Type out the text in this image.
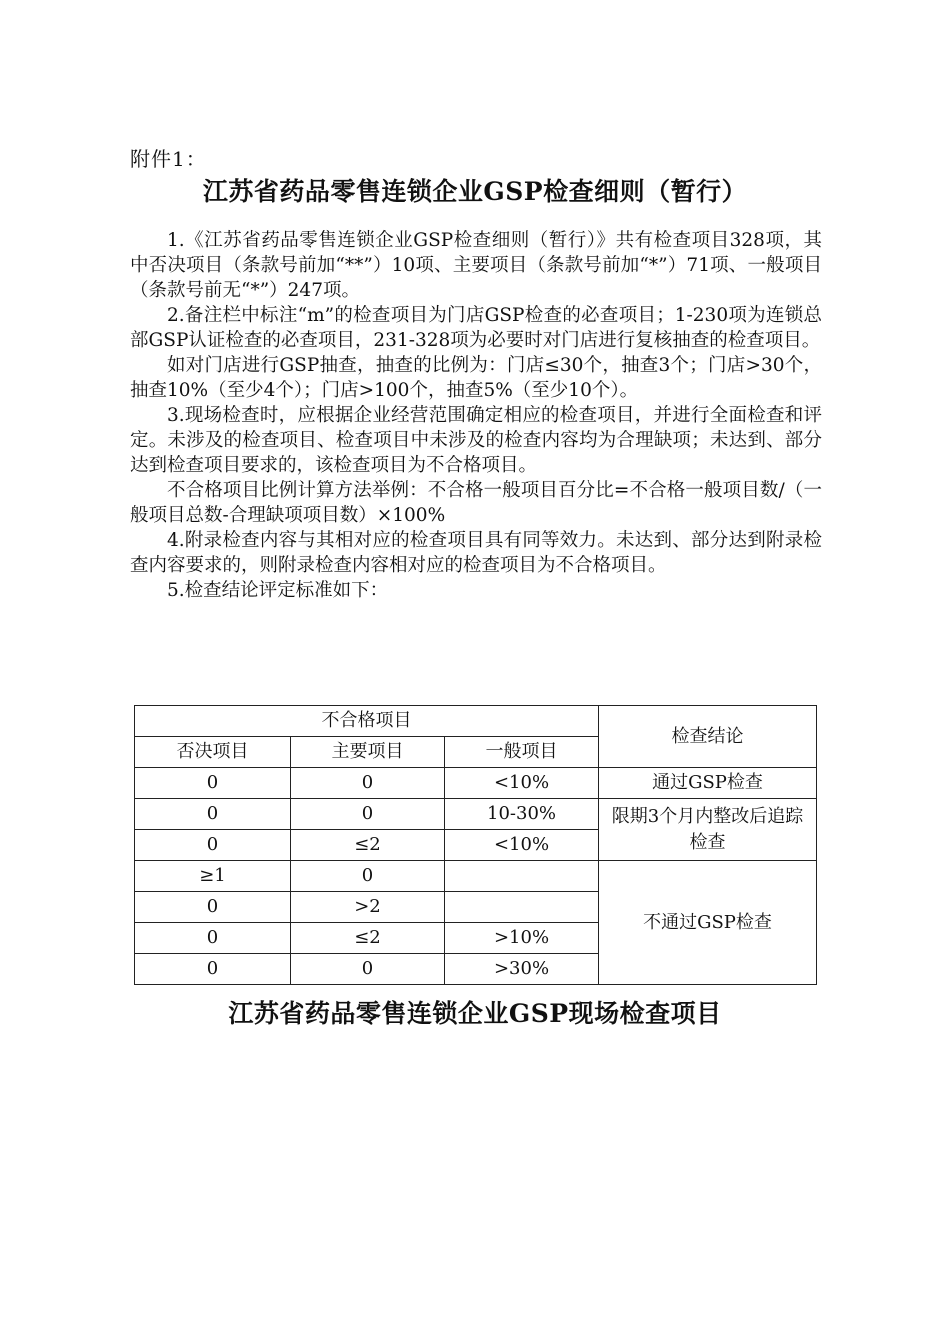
附件1：
江苏省药品零售连锁企业GSP检查细则（暂行）

1.《江苏省药品零售连锁企业GSP检查细则（暂行）》共有检查项目328项，其中否决项目（条款号前加“**”）10项、主要项目（条款号前加“*”）71项、一般项目（条款号前无“*”）247项。

2.备注栏中标注“m”的检查项目为门店GSP检查的必查项目；1-230项为连锁总部GSP认证检查的必查项目，231-328项为必要时对门店进行复核抽查的检查项目。

如对门店进行GSP抽查，抽查的比例为：门店≤30个，抽查3个；门店>30个，抽查10%（至少4个）；门店>100个，抽查5%（至少10个）。

3.现场检查时，应根据企业经营范围确定相应的检查项目，并进行全面检查和评定。未涉及的检查项目、检查项目中未涉及的检查内容均为合理缺项；未达到、部分达到检查项目要求的，该检查项目为不合格项目。

不合格项目比例计算方法举例：不合格一般项目百分比=不合格一般项目数/（一般项目总数-合理缺项项目数）×100%

4.附录检查内容与其相对应的检查项目具有同等效力。未达到、部分达到附录检查内容要求的，则附录检查内容相对应的检查项目为不合格项目。

5.检查结论评定标准如下：

不合格项目			检查结论
否决项目	主要项目	一般项目	
0	0	<10%	通过GSP检查
0	0	10-30%	限期3个月内整改后追踪检查
0	≤2	<10%	
≥1	0		不通过GSP检查
0	>2		
0	≤2	>10%	
0	0	>30%	
江苏省药品零售连锁企业GSP现场检查项目
